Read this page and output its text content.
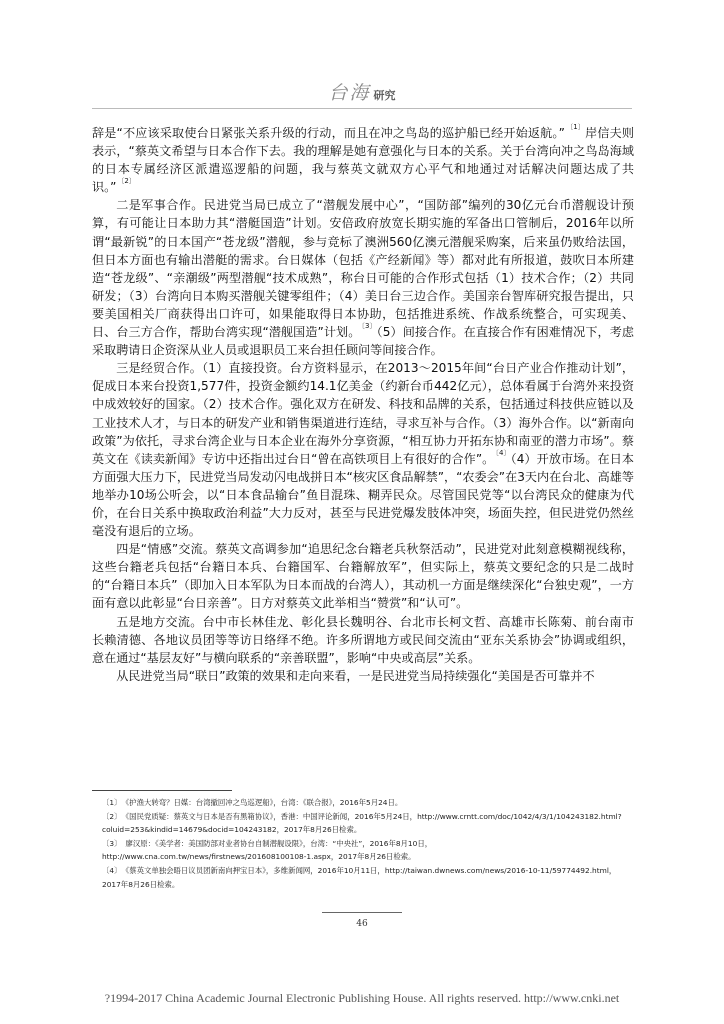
台海 研究

辞是“不应该采取使台日紧张关系升级的行动，而且在冲之鸟岛的巡护船已经开始返航。”$^{〔1〕}$岸信夫则表示，“蔡英文希望与日本合作下去。我的理解是她有意强化与日本的关系。关于台湾向冲之鸟岛海域的日本专属经济区派遣巡逻船的问题，我与蔡英文就双方心平气和地通过对话解决问题达成了共识。”$^{〔2〕}$

二是军事合作。民进党当局已成立了“潜舰发展中心”，“国防部”编列的30亿元台币潜舰设计预算，有可能让日本助力其“潜艇国造”计划。安倍政府放宽长期实施的军备出口管制后，2016年以所谓“最新锐”的日本国产“苍龙级”潜舰，参与竞标了澳洲560亿澳元潜舰采购案，后来虽仍败给法国，但日本方面也有输出潜艇的需求。台日媒体（包括《产经新闻》等）都对此有所报道，鼓吹日本所建造“苍龙级”、“亲潮级”两型潜舰“技术成熟”，称台日可能的合作形式包括（1）技术合作；（2）共同研发；（3）台湾向日本购买潜舰关键零组件；（4）美日台三边合作。美国亲台智库研究报告提出，只要美国相关厂商获得出口许可，如果能取得日本协助，包括推进系统、作战系统整合，可实现美、日、台三方合作，帮助台湾实现“潜舰国造”计划。$^{〔3〕}$（5）间接合作。在直接合作有困难情况下，考虑采取聘请日企资深从业人员或退职员工来台担任顾问等间接合作。

三是经贸合作。（1）直接投资。台方资料显示，在2013～2015年间“台日产业合作推动计划”，促成日本来台投资1,577件，投资金额约14.1亿美金（约新台币442亿元），总体看属于台湾外来投资中成效较好的国家。（2）技术合作。强化双方在研发、科技和品牌的关系，包括通过科技供应链以及工业技术人才，与日本的研发产业和销售渠道进行连结，寻求互补与合作。（3）海外合作。以“新南向政策”为依托，寻求台湾企业与日本企业在海外分享资源，“相互协力开拓东协和南亚的潜力市场”。蔡英文在《读卖新闻》专访中还指出过台日“曾在高铁项目上有很好的合作”。$^{〔4〕}$（4）开放市场。在日本方面强大压力下，民进党当局发动闪电战拼日本“核灾区食品解禁”，“农委会”在3天内在台北、高雄等地举办10场公听会，以“日本食品输台”鱼目混珠、糊弄民众。尽管国民党等“以台湾民众的健康为代价，在台日关系中换取政治利益”大力反对，甚至与民进党爆发肢体冲突，场面失控，但民进党仍然丝毫没有退后的立场。

四是“情感”交流。蔡英文高调参加“追思纪念台籍老兵秋祭活动”，民进党对此刻意模糊视线称，这些台籍老兵包括“台籍日本兵、台籍国军、台籍解放军”，但实际上，蔡英文要纪念的只是二战时的“台籍日本兵”（即加入日本军队为日本而战的台湾人），其动机一方面是继续深化“台独史观”，一方面有意以此彰显“台日亲善”。日方对蔡英文此举相当“赞赏”和“认可”。

五是地方交流。台中市长林佳龙、彰化县长魏明谷、台北市长柯文哲、高雄市长陈菊、前台南市长赖清德、各地议员团等等访日络绎不绝。许多所谓地方或民间交流由“亚东关系协会”协调或组织，意在通过“基层友好”与横向联系的“亲善联盟”，影响“中央或高层”关系。

从民进党当局“联日”政策的效果和走向来看，一是民进党当局持续强化“美国是否可靠并不

〔1〕 《护渔大转弯？日媒：台湾撤回冲之鸟巡逻船》，台湾：《联合报》，2016年5月24日。

〔2〕 《国民党质疑：蔡英文与日本是否有黑箱协议》，香港：中国评论新闻，2016年5月24日，http://www.crntt.com/doc/1042/4/3/1/104243182.html?coluid=253&kindid=14679&docid=104243182，2017年8月26日检索。

〔3〕 廖汉原：《美学者：美国防部对业者协台自制潜舰设限》，台湾：“中央社”，2016年8月10日，http://www.cna.com.tw/news/firstnews/201608100108-1.aspx，2017年8月26日检索。

〔4〕 《蔡英文单独会晤日议员团新南向押宝日本》，多维新闻网，2016年10月11日，http://taiwan.dwnews.com/news/2016-10-11/59774492.html，2017年8月26日检索。

46
?1994-2017 China Academic Journal Electronic Publishing House. All rights reserved. http://www.cnki.net
